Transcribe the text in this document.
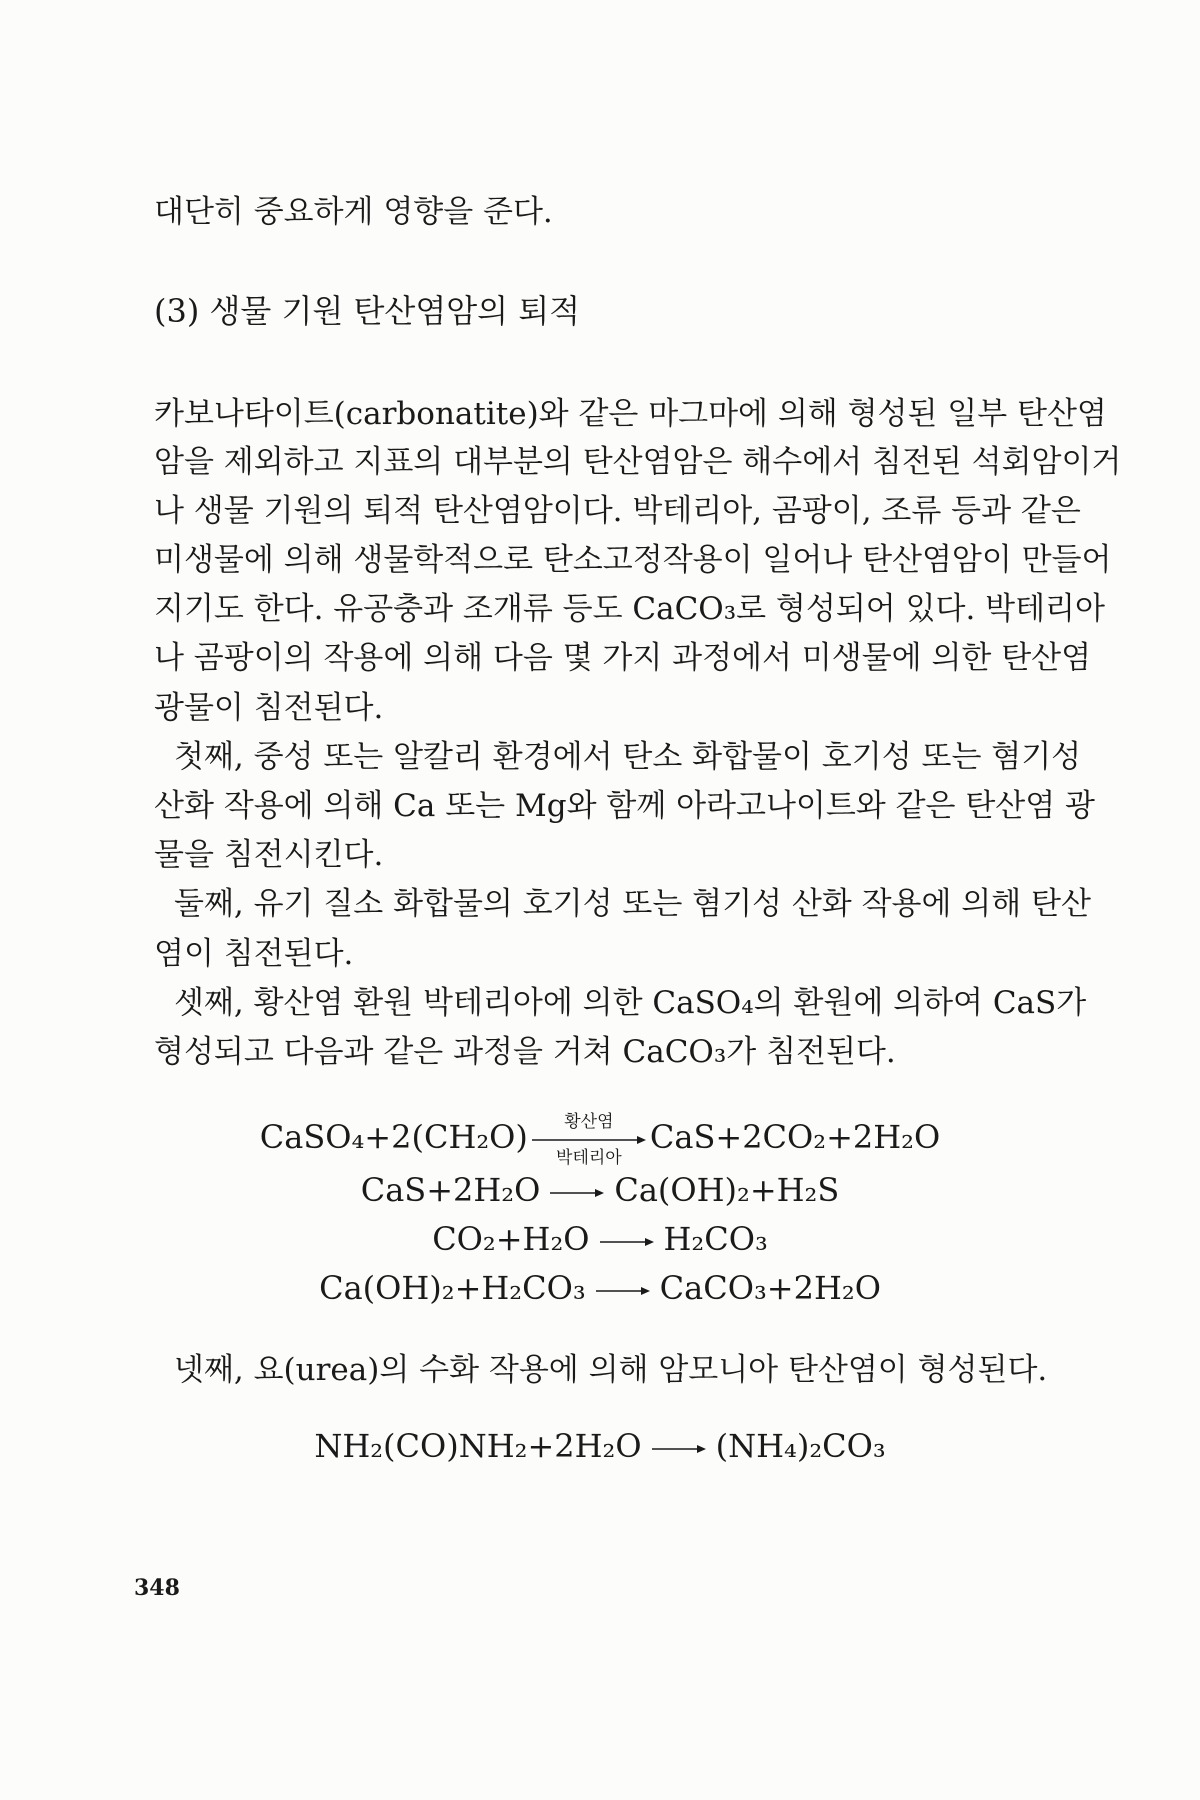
대단히 중요하게 영향을 준다.
(3) 생물 기원 탄산염암의 퇴적
카보나타이트(carbonatite)와 같은 마그마에 의해 형성된 일부 탄산염
암을 제외하고 지표의 대부분의 탄산염암은 해수에서 침전된 석회암이거
나 생물 기원의 퇴적 탄산염암이다. 박테리아, 곰팡이, 조류 등과 같은
미생물에 의해 생물학적으로 탄소고정작용이 일어나 탄산염암이 만들어
지기도 한다. 유공충과 조개류 등도 CaCO₃로 형성되어 있다. 박테리아
나 곰팡이의 작용에 의해 다음 몇 가지 과정에서 미생물에 의한 탄산염
광물이 침전된다.
첫째, 중성 또는 알칼리 환경에서 탄소 화합물이 호기성 또는 혐기성
산화 작용에 의해 Ca 또는 Mg와 함께 아라고나이트와 같은 탄산염 광
물을 침전시킨다.
둘째, 유기 질소 화합물의 호기성 또는 혐기성 산화 작용에 의해 탄산
염이 침전된다.
셋째, 황산염 환원 박테리아에 의한 CaSO₄의 환원에 의하여 CaS가
형성되고 다음과 같은 과정을 거쳐 CaCO₃가 침전된다.
CaSO₄+2(CH₂O)	황산염
박테리아
CaS+2CO₂+2H₂O
CaS+2H₂O Ca(OH)₂+H₂S
CO₂+H₂O H₂CO₃
Ca(OH)₂+H₂CO₃ CaCO₃+2H₂O
넷째, 요(urea)의 수화 작용에 의해 암모니아 탄산염이 형성된다.
NH₂(CO)NH₂+2H₂O (NH₄)₂CO₃
348
